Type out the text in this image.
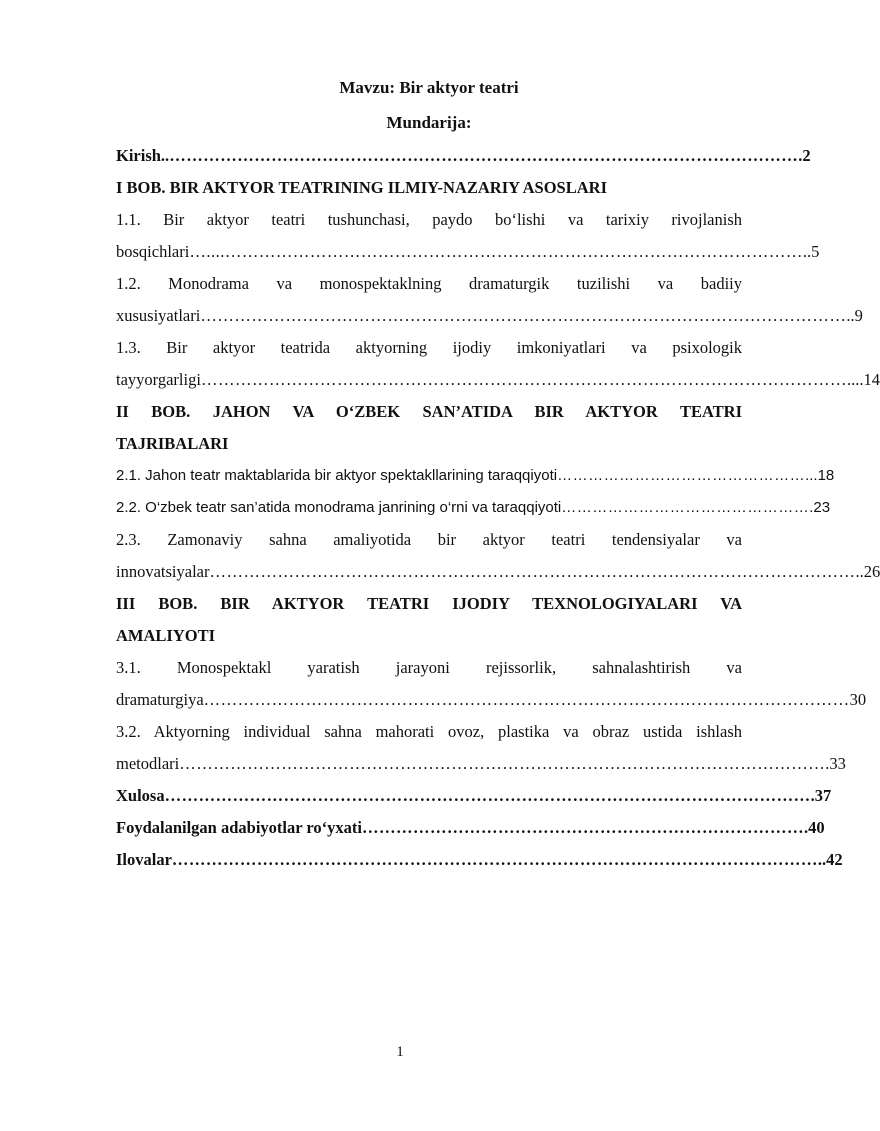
Mavzu: Bir aktyor teatri
Mundarija:
Kirish.. ………………………………………………………………………………………………… .2
I BOB. BIR AKTYOR TEATRINING ILMIY-NAZARIY ASOSLARI
1.1. Bir aktyor teatri tushunchasi, paydo bo‘lishi va tarixiy rivojlanish
bosqichlari …....………………………………………………………………………………………… ..5
1.2. Monodrama va monospektaklning dramaturgik tuzilishi va badiiy
xususiyatlari …………………………………………………………………………………………………… ..9
1.3. Bir aktyor teatrida aktyorning ijodiy imkoniyatlari va psixologik
tayyorgarligi …………………………………………………………………………………………………… ....14
II BOB. JAHON VA O‘ZBEK SAN’ATIDA BIR AKTYOR TEATRI
TAJRIBALARI
2.1. Jahon teatr maktablarida bir aktyor spektakllarining taraqqiyoti ………………………………………… ...18
2.2. O‘zbek teatr san’atida monodrama janrining o‘rni va taraqqiyoti ………………………………………… .23
2.3. Zamonaviy sahna amaliyotida bir aktyor teatri tendensiyalar va
innovatsiyalar …………………………………………………………………………………………………… ..26
III BOB. BIR AKTYOR TEATRI IJODIY TEXNOLOGIYALARI VA
AMALIYOTI
3.1. Monospektakl yaratish jarayoni rejissorlik, sahnalashtirish va
dramaturgiya …………………………………………………………………………………………………… 30
3.2. Aktyorning individual sahna mahorati ovoz, plastika va obraz ustida ishlash
metodlari …………………………………………………………………………………………………… .33
Xulosa …………………………………………………………………………………………………… .37
Foydalanilgan adabiyotlar ro‘yxati …………………………………………………………………… .40
Ilovalar …………………………………………………………………………………………………… ..42
1
